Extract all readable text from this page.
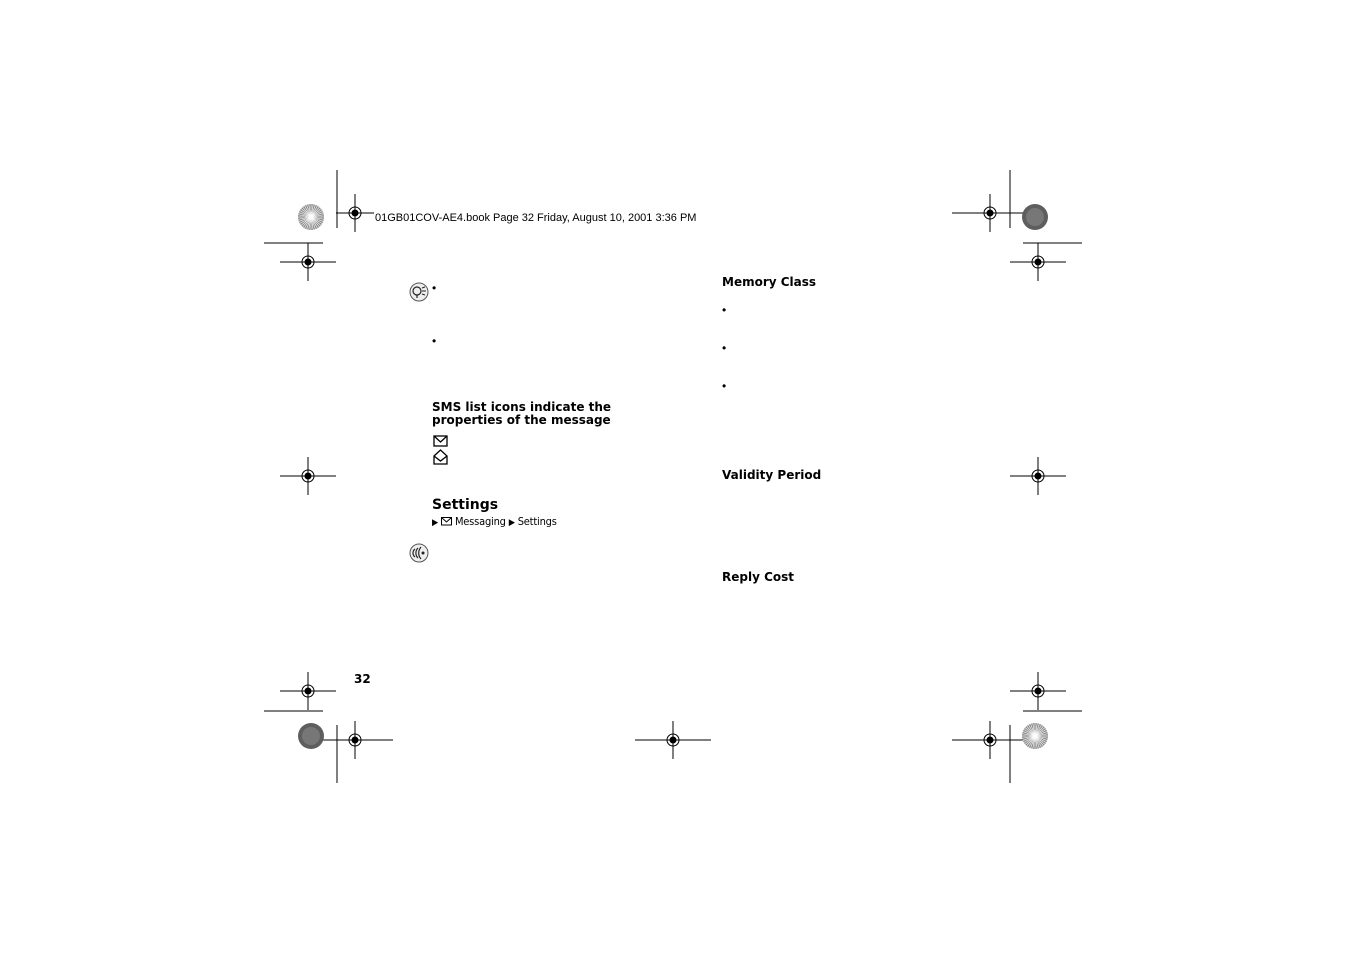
01GB01COV-AE4.book Page 32 Friday, August 10, 2001 3:36 PM
•
•
SMS list icons indicate the
properties of the message
Settings
▶ Messaging ▶ Settings
Memory Class
•
•
•
Validity Period
Reply Cost
32
